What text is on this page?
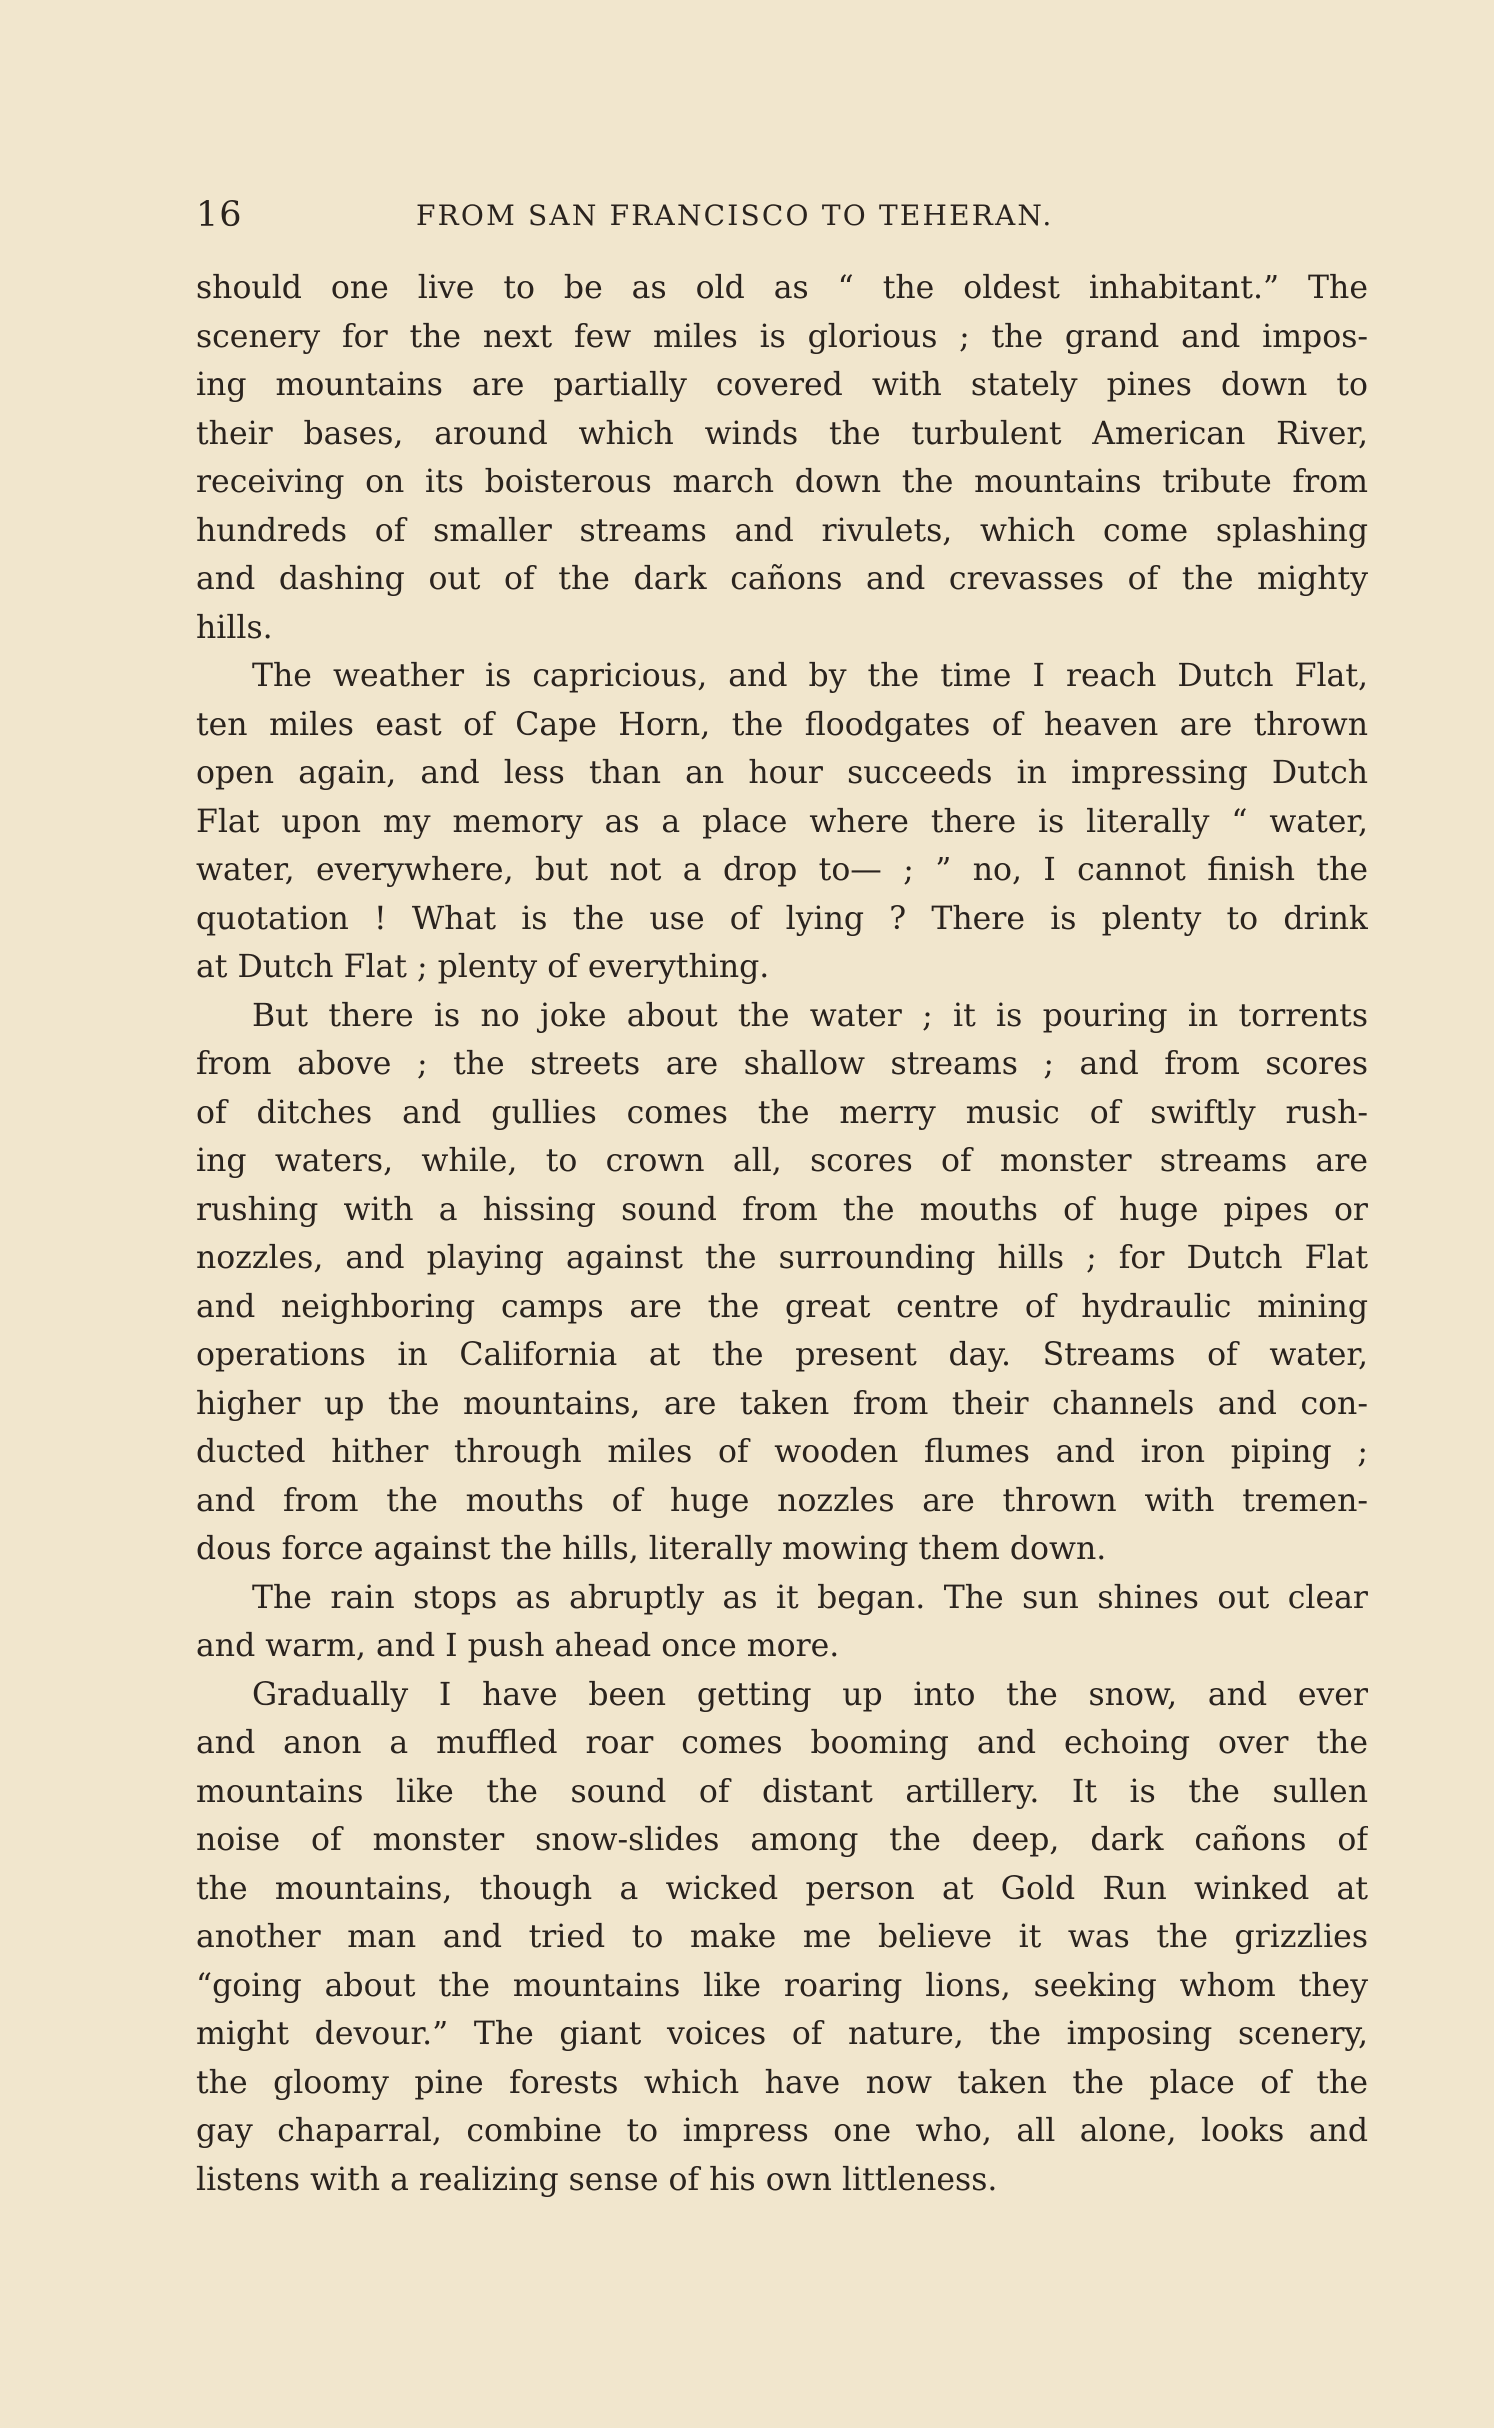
16	FROM SAN FRANCISCO TO TEHERAN.
should one live to be as old as “ the oldest inhabitant.” The
scenery for the next few miles is glorious ; the grand and impos-
ing mountains are partially covered with stately pines down to
their bases, around which winds the turbulent American River,
receiving on its boisterous march down the mountains tribute from
hundreds of smaller streams and rivulets, which come splashing
and dashing out of the dark cañons and crevasses of the mighty
hills.
The weather is capricious, and by the time I reach Dutch Flat,
ten miles east of Cape Horn, the floodgates of heaven are thrown
open again, and less than an hour succeeds in impressing Dutch
Flat upon my memory as a place where there is literally “ water,
water, everywhere, but not a drop to— ; ” no, I cannot finish the
quotation ! What is the use of lying ? There is plenty to drink
at Dutch Flat ; plenty of everything.
But there is no joke about the water ; it is pouring in torrents
from above ; the streets are shallow streams ; and from scores
of ditches and gullies comes the merry music of swiftly rush-
ing waters, while, to crown all, scores of monster streams are
rushing with a hissing sound from the mouths of huge pipes or
nozzles, and playing against the surrounding hills ; for Dutch Flat
and neighboring camps are the great centre of hydraulic mining
operations in California at the present day. Streams of water,
higher up the mountains, are taken from their channels and con-
ducted hither through miles of wooden flumes and iron piping ;
and from the mouths of huge nozzles are thrown with tremen-
dous force against the hills, literally mowing them down.
The rain stops as abruptly as it began. The sun shines out clear
and warm, and I push ahead once more.
Gradually I have been getting up into the snow, and ever
and anon a muffled roar comes booming and echoing over the
mountains like the sound of distant artillery. It is the sullen
noise of monster snow-slides among the deep, dark cañons of
the mountains, though a wicked person at Gold Run winked at
another man and tried to make me believe it was the grizzlies
“going about the mountains like roaring lions, seeking whom they
might devour.” The giant voices of nature, the imposing scenery,
the gloomy pine forests which have now taken the place of the
gay chaparral, combine to impress one who, all alone, looks and
listens with a realizing sense of his own littleness.
